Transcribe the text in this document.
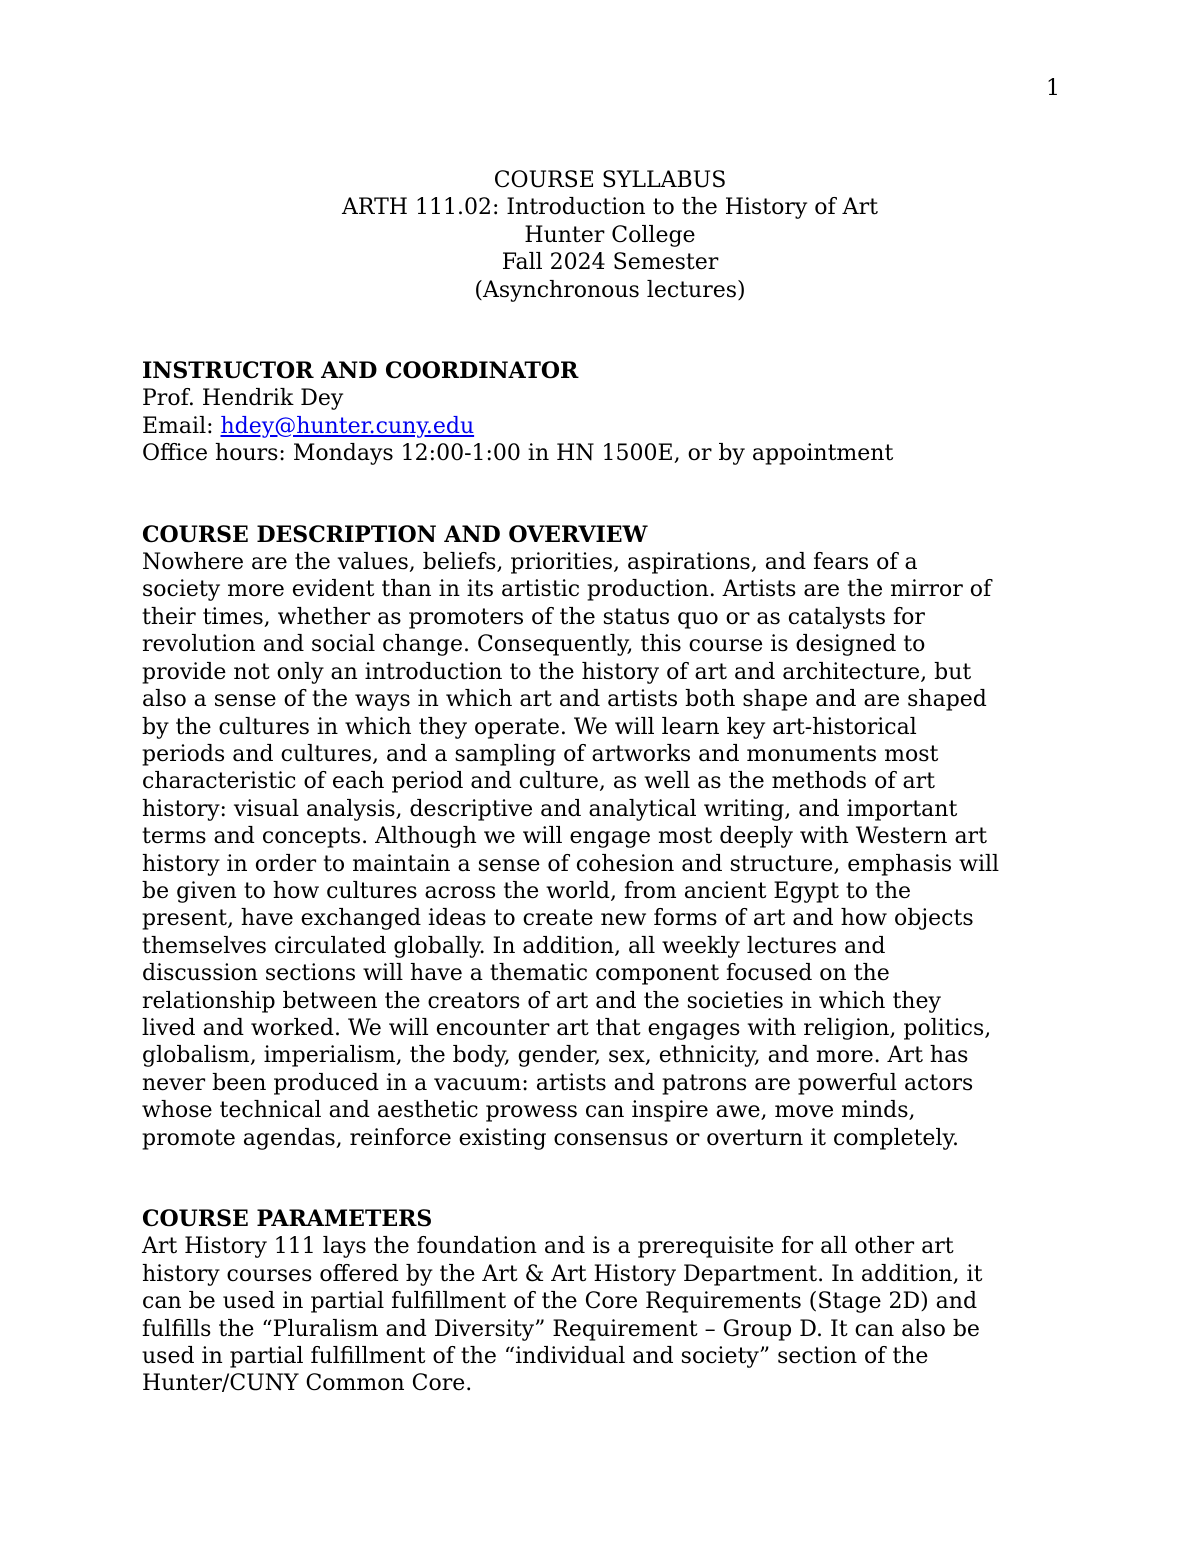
1
COURSE SYLLABUS
ARTH 111.02: Introduction to the History of Art
Hunter College
Fall 2024 Semester
(Asynchronous lectures)
INSTRUCTOR AND COORDINATOR
Prof. Hendrik Dey
Email: hdey@hunter.cuny.edu
Office hours: Mondays 12:00-1:00 in HN 1500E, or by appointment
COURSE DESCRIPTION AND OVERVIEW
Nowhere are the values, beliefs, priorities, aspirations, and fears of a
society more evident than in its artistic production. Artists are the mirror of
their times, whether as promoters of the status quo or as catalysts for
revolution and social change. Consequently, this course is designed to
provide not only an introduction to the history of art and architecture, but
also a sense of the ways in which art and artists both shape and are shaped
by the cultures in which they operate. We will learn key art-historical
periods and cultures, and a sampling of artworks and monuments most
characteristic of each period and culture, as well as the methods of art
history: visual analysis, descriptive and analytical writing, and important
terms and concepts. Although we will engage most deeply with Western art
history in order to maintain a sense of cohesion and structure, emphasis will
be given to how cultures across the world, from ancient Egypt to the
present, have exchanged ideas to create new forms of art and how objects
themselves circulated globally. In addition, all weekly lectures and
discussion sections will have a thematic component focused on the
relationship between the creators of art and the societies in which they
lived and worked. We will encounter art that engages with religion, politics,
globalism, imperialism, the body, gender, sex, ethnicity, and more. Art has
never been produced in a vacuum: artists and patrons are powerful actors
whose technical and aesthetic prowess can inspire awe, move minds,
promote agendas, reinforce existing consensus or overturn it completely.
COURSE PARAMETERS
Art History 111 lays the foundation and is a prerequisite for all other art
history courses offered by the Art & Art History Department. In addition, it
can be used in partial fulfillment of the Core Requirements (Stage 2D) and
fulfills the “Pluralism and Diversity” Requirement – Group D. It can also be
used in partial fulfillment of the “individual and society” section of the
Hunter/CUNY Common Core.
